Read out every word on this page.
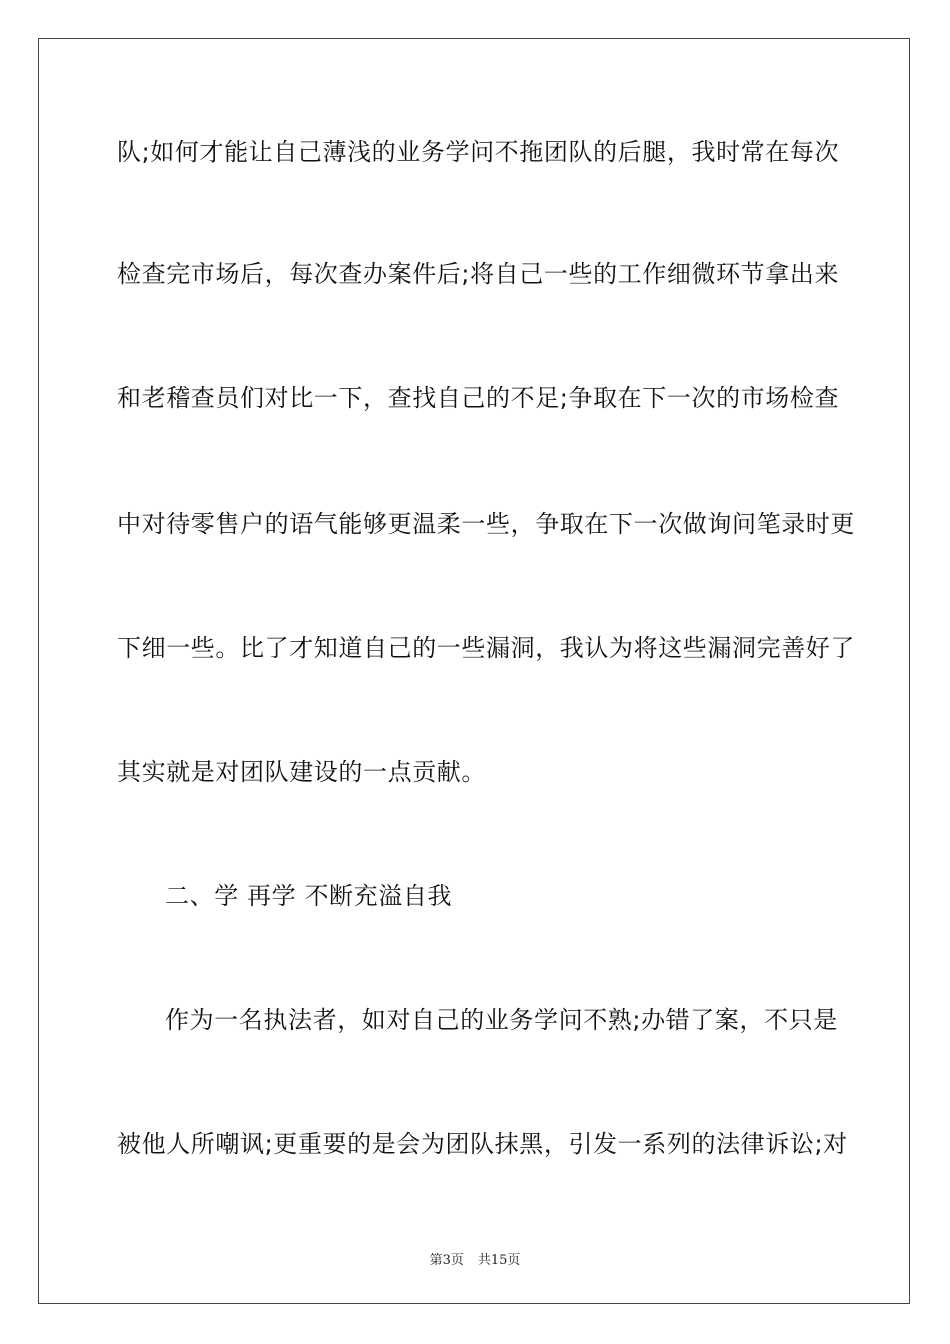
队;如何才能让自己薄浅的业务学问不拖团队的后腿，我时常在每次
检查完市场后，每次查办案件后;将自己一些的工作细微环节拿出来
和老稽查员们对比一下，查找自己的不足;争取在下一次的市场检查
中对待零售户的语气能够更温柔一些，争取在下一次做询问笔录时更
下细一些。比了才知道自己的一些漏洞，我认为将这些漏洞完善好了
其实就是对团队建设的一点贡献。
二、学 再学 不断充溢自我
作为一名执法者，如对自己的业务学问不熟;办错了案，不只是
被他人所嘲讽;更重要的是会为团队抹黑，引发一系列的法律诉讼;对
第3页 共15页
